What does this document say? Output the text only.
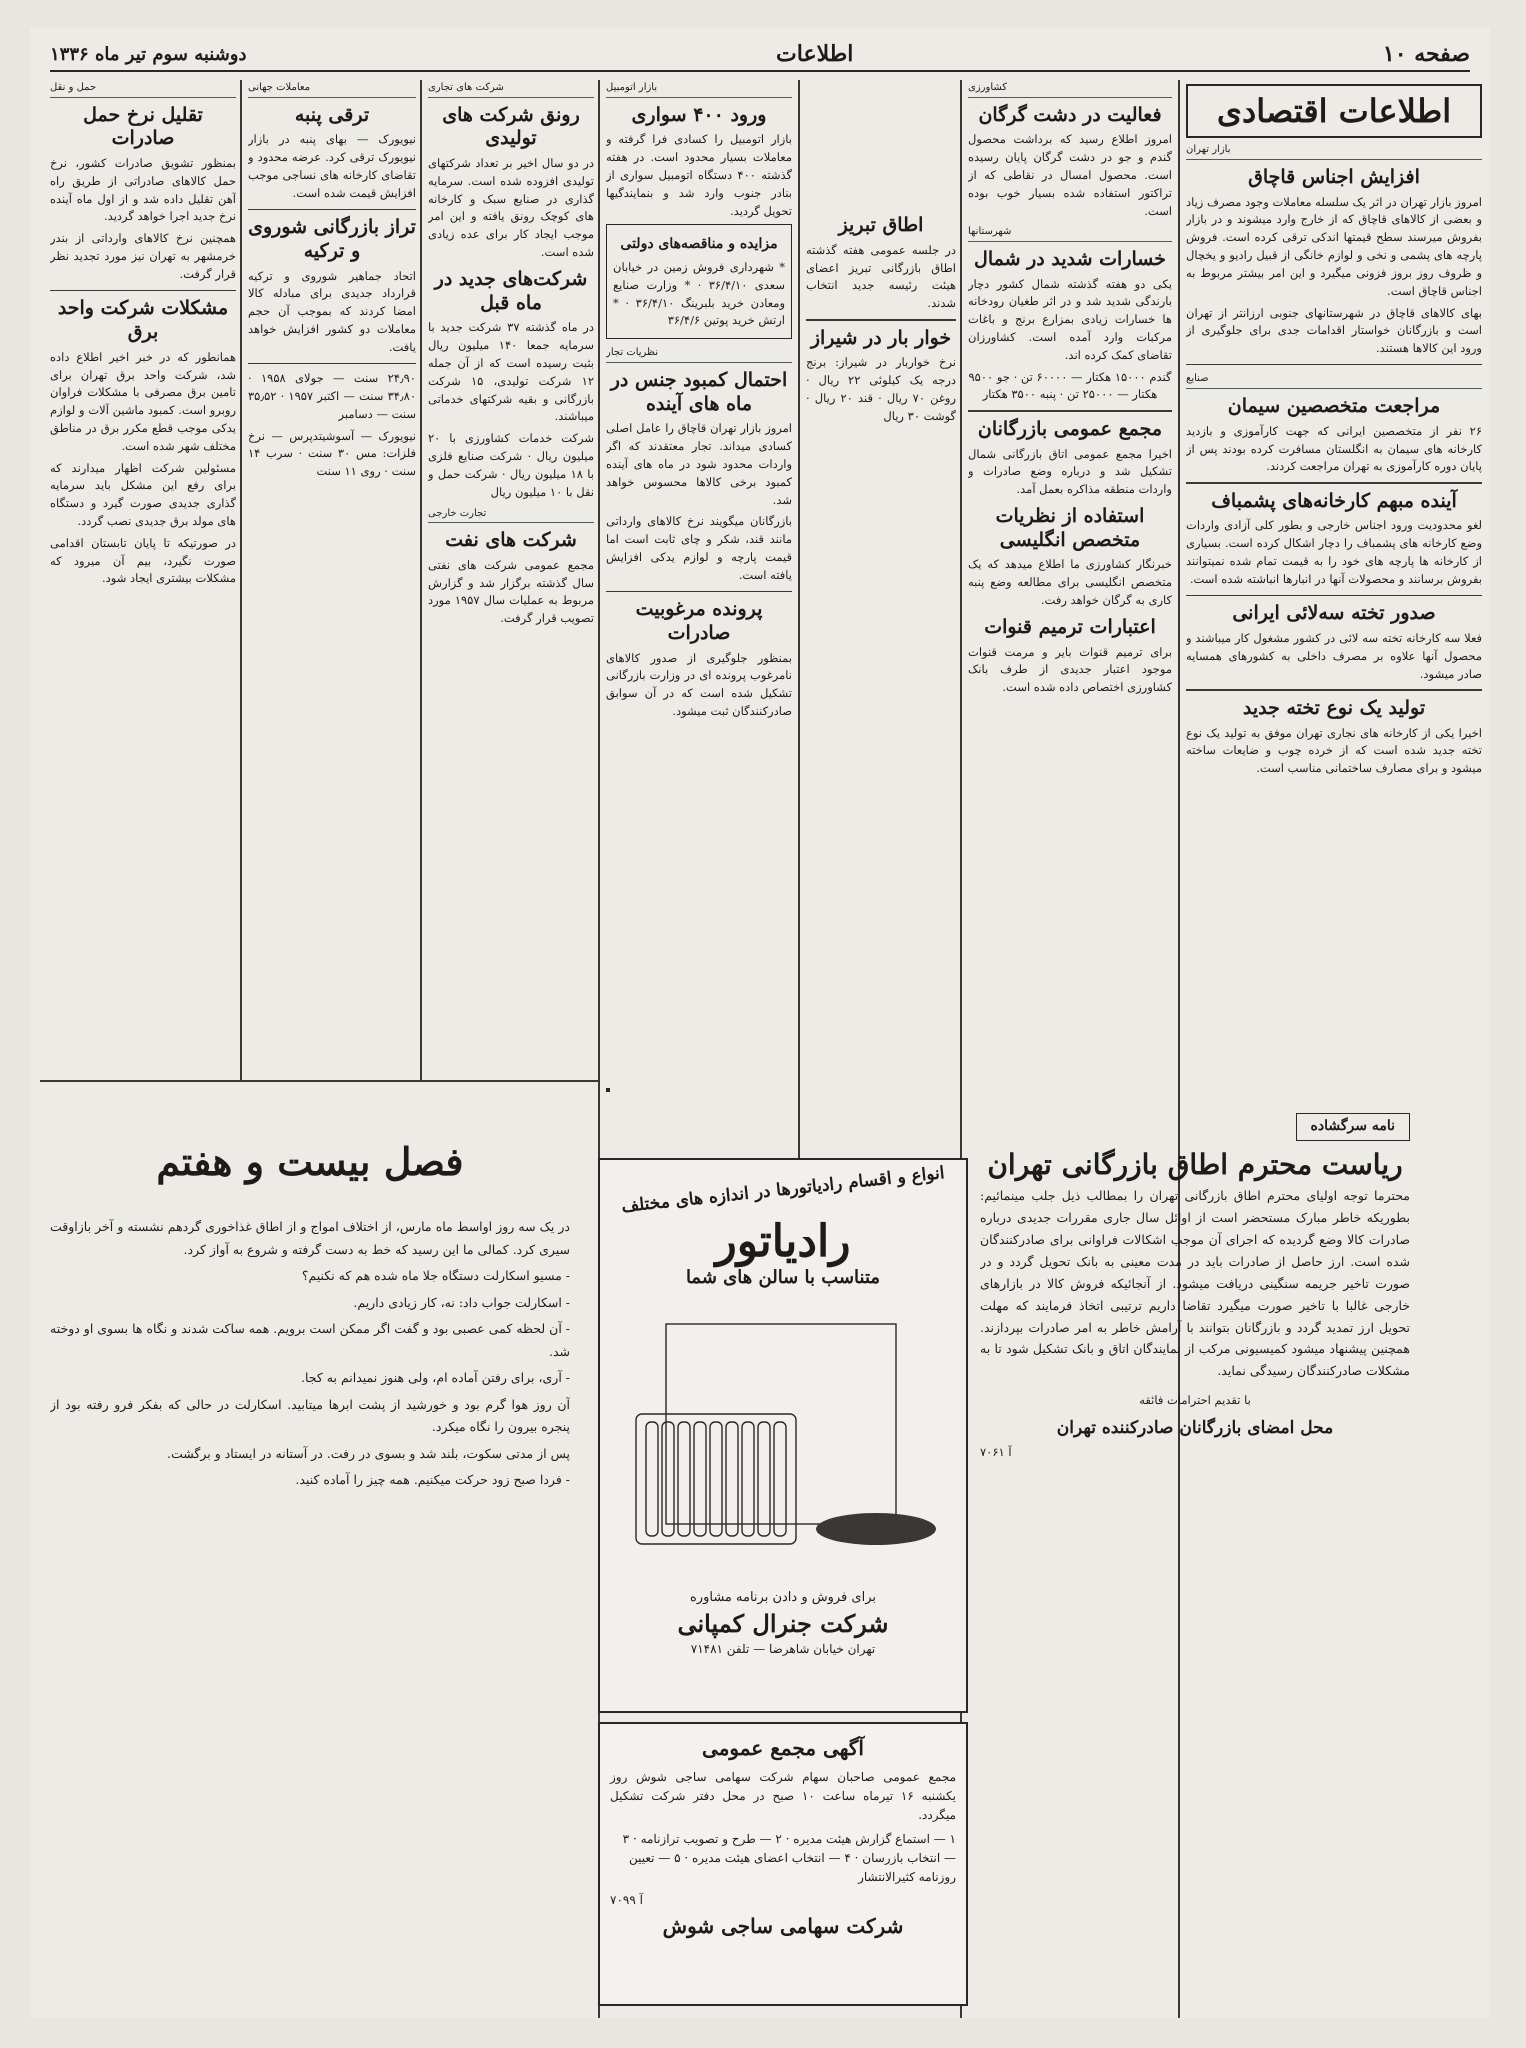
صفحه ۱۰
اطلاعات
دوشنبه سوم تیر ماه ۱۳۳۶
اطلاعات اقتصادی
بازار تهران
افزایش اجناس قاچاق

امروز بازار تهران در اثر یک سلسله معاملات وجود مصرف زیاد و بعضی از کالاهای قاچاق که از خارج وارد میشوند و در بازار بفروش میرسند سطح قیمتها اندکی ترقی کرده است. فروش پارچه های پشمی و نخی و لوازم خانگی از قبیل رادیو و یخچال و ظروف روز بروز فزونی میگیرد و این امر بیشتر مربوط به اجناس قاچاق است.

بهای کالاهای قاچاق در شهرستانهای جنوبی ارزانتر از تهران است و بازرگانان خواستار اقدامات جدی برای جلوگیری از ورود این کالاها هستند.

صنایع
مراجعت متخصصین سیمان

۲۶ نفر از متخصصین ایرانی که جهت کارآموزی و بازدید کارخانه های سیمان به انگلستان مسافرت کرده بودند پس از پایان دوره کارآموزی به تهران مراجعت کردند.

آینده مبهم کارخانه‌های پشمباف

لغو محدودیت ورود اجناس خارجی و بطور کلی آزادی واردات وضع کارخانه های پشمباف را دچار اشکال کرده است. بسیاری از کارخانه ها پارچه های خود را به قیمت تمام شده نمیتوانند بفروش برسانند و محصولات آنها در انبارها انباشته شده است.

صدور تخته سه‌لائی ایرانی

فعلا سه کارخانه تخته سه لائی در کشور مشغول کار میباشند و محصول آنها علاوه بر مصرف داخلی به کشورهای همسایه صادر میشود.

تولید یک نوع تخته جدید

اخیرا یکی از کارخانه های نجاری تهران موفق به تولید یک نوع تخته جدید شده است که از خرده چوب و ضایعات ساخته میشود و برای مصارف ساختمانی مناسب است.

کشاورزی
فعالیت در دشت گرگان

امروز اطلاع رسید که برداشت محصول گندم و جو در دشت گرگان پایان رسیده است. محصول امسال در نقاطی که از تراکتور استفاده شده بسیار خوب بوده است.

شهرستانها
خسارات شدید در شمال

یکی دو هفته گذشته شمال کشور دچار بارندگی شدید شد و در اثر طغیان رودخانه ها خسارات زیادی بمزارع برنج و باغات مرکبات وارد آمده است. کشاورزان تقاضای کمک کرده اند.

گندم ۱۵۰۰۰ هکتار — ۶۰۰۰۰ تن · جو ۹۵۰۰ هکتار — ۲۵۰۰۰ تن · پنبه ۳۵۰۰ هکتار

مجمع عمومی بازرگانان

اخیرا مجمع عمومی اتاق بازرگانی شمال تشکیل شد و درباره وضع صادرات و واردات منطقه مذاکره بعمل آمد.

استفاده از نظریات متخصص انگلیسی

خبرنگار کشاورزی ما اطلاع میدهد که یک متخصص انگلیسی برای مطالعه وضع پنبه کاری به گرگان خواهد رفت.

اعتبارات ترمیم قنوات

برای ترمیم قنوات بایر و مرمت قنوات موجود اعتبار جدیدی از طرف بانک کشاورزی اختصاص داده شده است.

اطاق تبریز

در جلسه عمومی هفته گذشته اطاق بازرگانی تبریز اعضای هیئت رئیسه جدید انتخاب شدند.

خوار بار در شیراز

نرخ خواربار در شیراز: برنج درجه یک کیلوئی ۲۲ ریال · روغن ۷۰ ریال · قند ۲۰ ریال · گوشت ۳۰ ریال

نامه سرگشاده
ریاست محترم اطاق بازرگانی تهران

محترما توجه اولیای محترم اطاق بازرگانی تهران را بمطالب ذیل جلب مینمائیم: بطوریکه خاطر مبارک مستحضر است از اوائل سال جاری مقررات جدیدی درباره صادرات کالا وضع گردیده که اجرای آن موجب اشکالات فراوانی برای صادرکنندگان شده است. ارز حاصل از صادرات باید در مدت معینی به بانک تحویل گردد و در صورت تاخیر جریمه سنگینی دریافت میشود. از آنجائیکه فروش کالا در بازارهای خارجی غالبا با تاخیر صورت میگیرد تقاضا داریم ترتیبی اتخاذ فرمایند که مهلت تحویل ارز تمدید گردد و بازرگانان بتوانند با آرامش خاطر به امر صادرات بپردازند. همچنین پیشنهاد میشود کمیسیونی مرکب از نمایندگان اتاق و بانک تشکیل شود تا به مشکلات صادرکنندگان رسیدگی نماید.

با تقدیم احترامات فائقه

محل امضای بازرگانان صادرکننده تهران

آ ۷۰۶۱

بازار اتومبیل
ورود ۴۰۰ سواری

بازار اتومبیل را کسادی فرا گرفته و معاملات بسیار محدود است. در هفته گذشته ۴۰۰ دستگاه اتومبیل سواری از بنادر جنوب وارد شد و بنمایندگیها تحویل گردید.

مزایده و مناقصه‌های دولتی

* شهرداری فروش زمین در خیابان سعدی ۳۶/۴/۱۰ · * وزارت صنایع ومعادن خرید بلبرینگ ۳۶/۴/۱۰ · * ارتش خرید پوتین ۳۶/۴/۶

نظریات تجار
احتمال کمبود جنس در ماه های آینده

امروز بازار تهران قاچاق را عامل اصلی کسادی میداند. تجار معتقدند که اگر واردات محدود شود در ماه های آینده کمبود برخی کالاها محسوس خواهد شد.

بازرگانان میگویند نرخ کالاهای وارداتی مانند قند، شکر و چای ثابت است اما قیمت پارچه و لوازم یدکی افزایش یافته است.

پرونده مرغوبیت صادرات

بمنظور جلوگیری از صدور کالاهای نامرغوب پرونده ای در وزارت بازرگانی تشکیل شده است که در آن سوابق صادرکنندگان ثبت میشود.

شرکت های تجاری
رونق شرکت های تولیدی

در دو سال اخیر بر تعداد شرکتهای تولیدی افزوده شده است. سرمایه گذاری در صنایع سبک و کارخانه های کوچک رونق یافته و این امر موجب ایجاد کار برای عده زیادی شده است.

شرکت‌های جدید در ماه قبل

در ماه گذشته ۳۷ شرکت جدید با سرمایه جمعا ۱۴۰ میلیون ریال بثبت رسیده است که از آن جمله ۱۲ شرکت تولیدی، ۱۵ شرکت بازرگانی و بقیه شرکتهای خدماتی میباشند.

شرکت خدمات کشاورزی با ۲۰ میلیون ریال · شرکت صنایع فلزی با ۱۸ میلیون ریال · شرکت حمل و نقل با ۱۰ میلیون ریال

تجارت خارجی
شرکت های نفت

مجمع عمومی شرکت های نفتی سال گذشته برگزار شد و گزارش مربوط به عملیات سال ۱۹۵۷ مورد تصویب قرار گرفت.

معاملات جهانی
ترقی پنبه

نیویورک — بهای پنبه در بازار نیویورک ترقی کرد. عرضه محدود و تقاضای کارخانه های نساجی موجب افزایش قیمت شده است.

تراز بازرگانی شوروی و ترکیه

اتحاد جماهیر شوروی و ترکیه قرارداد جدیدی برای مبادله کالا امضا کردند که بموجب آن حجم معاملات دو کشور افزایش خواهد یافت.

۲۴٫۹۰ سنت — جولای ۱۹۵۸ · ۳۴٫۸۰ سنت — اکتبر ۱۹۵۷ · ۳۵٫۵۲ سنت — دسامبر

نیویورک — آسوشیتدپرس — نرخ فلزات: مس ۳۰ سنت · سرب ۱۴ سنت · روی ۱۱ سنت

حمل و نقل
تقلیل نرخ حمل صادرات

بمنظور تشویق صادرات کشور، نرخ حمل کالاهای صادراتی از طریق راه آهن تقلیل داده شد و از اول ماه آینده نرخ جدید اجرا خواهد گردید.

همچنین نرخ کالاهای وارداتی از بندر خرمشهر به تهران نیز مورد تجدید نظر قرار گرفت.

مشکلات شرکت واحد برق

همانطور که در خبر اخیر اطلاع داده شد، شرکت واحد برق تهران برای تامین برق مصرفی با مشکلات فراوان روبرو است. کمبود ماشین آلات و لوازم یدکی موجب قطع مکرر برق در مناطق مختلف شهر شده است.

مسئولین شرکت اظهار میدارند که برای رفع این مشکل باید سرمایه گذاری جدیدی صورت گیرد و دستگاه های مولد برق جدیدی نصب گردد.

در صورتیکه تا پایان تابستان اقدامی صورت نگیرد، بیم آن میرود که مشکلات بیشتری ایجاد شود.

فصل بیست و هفتم

در یک سه روز اواسط ماه مارس، از اختلاف امواج و از اطاق غذاخوری گردهم نشسته و آخر بازاوقت سیری کرد. کمالی ما این رسید که خط به دست گرفته و شروع به آواز کرد.

- مسیو اسکارلت دستگاه جلا ماه شده هم که نکنیم؟

- اسکارلت جواب داد: نه، کار زیادی داریم.

- آن لحظه کمی عصبی بود و گفت اگر ممکن است برویم. همه ساکت شدند و نگاه ها بسوی او دوخته شد.

- آری، برای رفتن آماده ام، ولی هنوز نمیدانم به کجا.

آن روز هوا گرم بود و خورشید از پشت ابرها میتابید. اسکارلت در حالی که بفکر فرو رفته بود از پنجره بیرون را نگاه میکرد.

پس از مدتی سکوت، بلند شد و بسوی در رفت. در آستانه در ایستاد و برگشت.

- فردا صبح زود حرکت میکنیم. همه چیز را آماده کنید.

انواع و اقسام رادیاتورها در اندازه های مختلف
رادیاتور
متناسب با سالن های شما
برای فروش و دادن برنامه مشاوره
شرکت جنرال کمپانی
تهران خیابان شاهرضا — تلفن ۷۱۴۸۱
آگهی مجمع عمومی

مجمع عمومی صاحبان سهام شرکت سهامی ساجی شوش روز یکشنبه ۱۶ تیرماه ساعت ۱۰ صبح در محل دفتر شرکت تشکیل میگردد.

۱ — استماع گزارش هیئت مدیره · ۲ — طرح و تصویب ترازنامه · ۳ — انتخاب بازرسان · ۴ — انتخاب اعضای هیئت مدیره · ۵ — تعیین روزنامه کثیرالانتشار

آ ۷۰۹۹

شرکت سهامی ساجی شوش
